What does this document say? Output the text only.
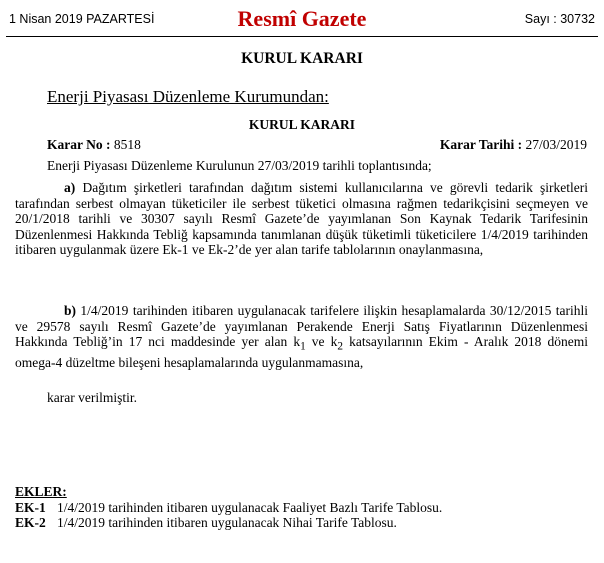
1 Nisan 2019 PAZARTESİ	Resmî Gazete	Sayı : 30732
KURUL KARARI
Enerji Piyasası Düzenleme Kurumundan:
KURUL KARARI
Karar No : 8518	Karar Tarihi : 27/03/2019
Enerji Piyasası Düzenleme Kurulunun 27/03/2019 tarihli toplantısında;
a) Dağıtım şirketleri tarafından dağıtım sistemi kullanıcılarına ve görevli tedarik şirketleri tarafından serbest olmayan tüketiciler ile serbest tüketici olmasına rağmen tedarikçisini seçmeyen ve 20/1/2018 tarihli ve 30307 sayılı Resmî Gazete’de yayımlanan Son Kaynak Tedarik Tarifesinin Düzenlenmesi Hakkında Tebliğ kapsamında tanımlanan düşük tüketimli tüketicilere 1/4/2019 tarihinden itibaren uygulanmak üzere Ek-1 ve Ek-2’de yer alan tarife tablolarının onaylanmasına,
b) 1/4/2019 tarihinden itibaren uygulanacak tarifelere ilişkin hesaplamalarda 30/12/2015 tarihli ve 29578 sayılı Resmî Gazete’de yayımlanan Perakende Enerji Satış Fiyatlarının Düzenlenmesi Hakkında Tebliğ’in 17 nci maddesinde yer alan $k_1$ ve $k_2$ katsayılarının Ekim - Aralık 2018 dönemi omega-4 düzeltme bileşeni hesaplamalarında uygulanmamasına,
karar verilmiştir.
EKLER:
EK-1 1/4/2019 tarihinden itibaren uygulanacak Faaliyet Bazlı Tarife Tablosu.
EK-2 1/4/2019 tarihinden itibaren uygulanacak Nihai Tarife Tablosu.
